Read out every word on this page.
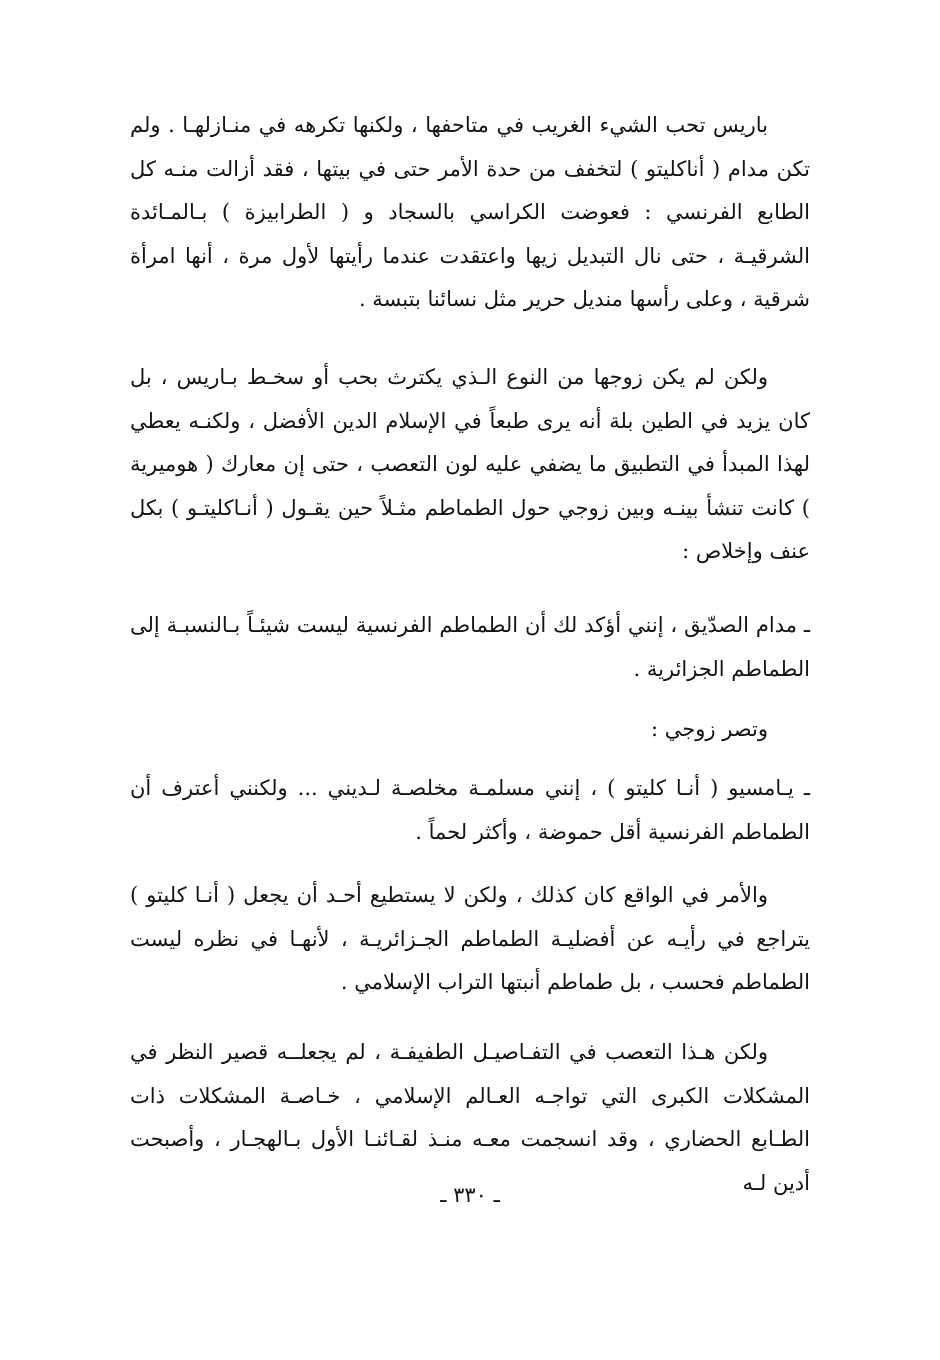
باريس تحب الشيء الغريب في متاحفها ، ولكنها تكرهه في منـازلهـا . ولم تكن مدام ( أناكليتو ) لتخفف من حدة الأمر حتى في بيتها ، فقد أزالت منـه كل الطابع الفرنسي : فعوضت الكراسي بالسجاد و ( الطرابيزة ) بـالمـائدة الشرقيـة ، حتى نال التبديل زيها واعتقدت عندما رأيتها لأول مرة ، أنها امرأة شرقية ، وعلى رأسها منديل حرير مثل نسائنا بتبسة .

ولكن لم يكن زوجها من النوع الـذي يكترث بحب أو سخـط بـاريس ، بل كان يزيد في الطين بلة أنه يرى طبعاً في الإسلام الدين الأفضل ، ولكنـه يعطي لهذا المبدأ في التطبيق ما يضفي عليه لون التعصب ، حتى إن معارك ( هوميرية ) كانت تنشأ بينـه وبين زوجي حول الطماطم مثـلاً حين يقـول ( أنـاكليتـو ) بكل عنف وإخلاص :

ـ مدام الصدّيق ، إنني أؤكد لك أن الطماطم الفرنسية ليست شيئـاً بـالنسبـة إلى الطماطم الجزائرية .

وتصر زوجي :

ـ يـامسيو ( أنـا كليتو ) ، إنني مسلمـة مخلصـة لـديني ... ولكنني أعترف أن الطماطم الفرنسية أقل حموضة ، وأكثر لحماً .

والأمر في الواقع كان كذلك ، ولكن لا يستطيع أحـد أن يجعل ( أنـا كليتو ) يتراجع في رأيـه عن أفضليـة الطماطم الجـزائريـة ، لأنهـا في نظره ليست الطماطم فحسب ، بل طماطم أنبتها التراب الإسلامي .

ولكن هـذا التعصب في التفـاصيـل الطفيفـة ، لم يجعلــه قصير النظر في المشكلات الكبرى التي تواجـه العـالم الإسلامي ، خـاصـة المشكلات ذات الطـابع الحضاري ، وقد انسجمت معـه منـذ لقـائنـا الأول بـالهجـار ، وأصبحت أدين لـه

ـ ٣٣٠ ـ
